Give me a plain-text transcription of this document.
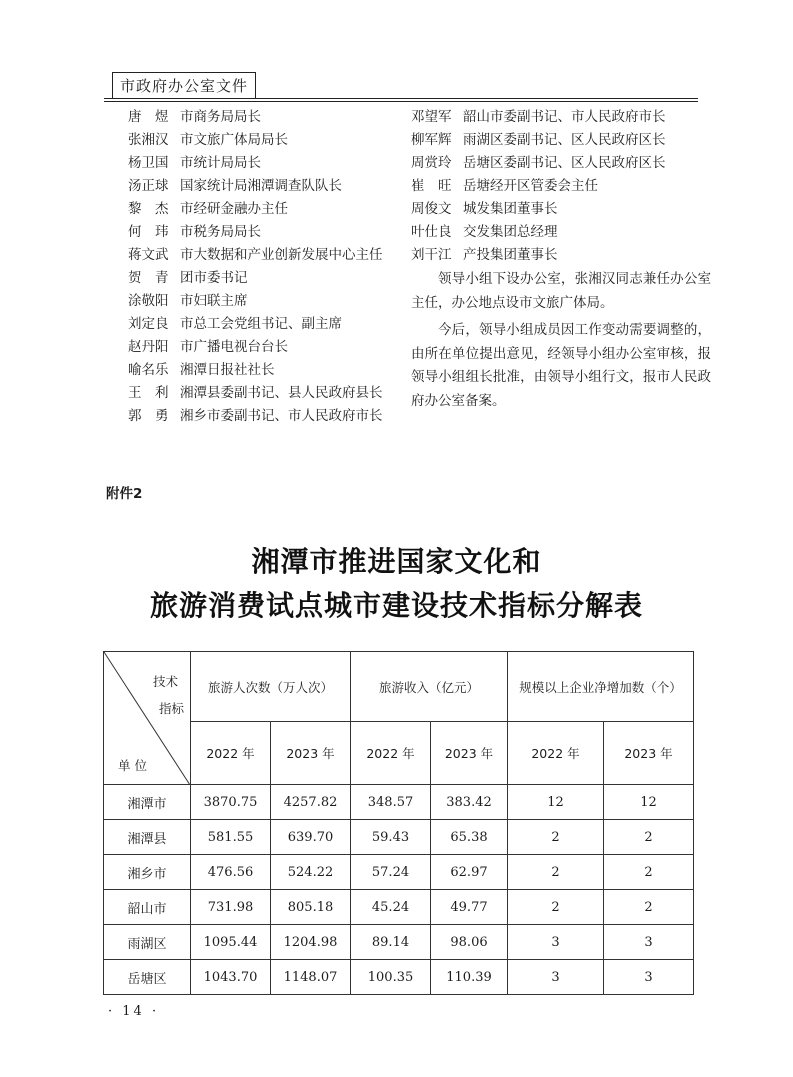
市政府办公室文件
唐　煜 市商务局局长
张湘汉 市文旅广体局局长
杨卫国 市统计局局长
汤正球 国家统计局湘潭调查队队长
黎　杰 市经研金融办主任
何　玮 市税务局局长
蒋文武 市大数据和产业创新发展中心主任
贺　青 团市委书记
涂敬阳 市妇联主席
刘定良 市总工会党组书记、副主席
赵丹阳 市广播电视台台长
喻名乐 湘潭日报社社长
王　利 湘潭县委副书记、县人民政府县长
郭　勇 湘乡市委副书记、市人民政府市长
邓望军 韶山市委副书记、市人民政府市长
柳军辉 雨湖区委副书记、区人民政府区长
周赏玲 岳塘区委副书记、区人民政府区长
崔　旺 岳塘经开区管委会主任
周俊文 城发集团董事长
叶仕良 交发集团总经理
刘干江 产投集团董事长

领导小组下设办公室，张湘汉同志兼任办公室主任，办公地点设市文旅广体局。

今后，领导小组成员因工作变动需要调整的，由所在单位提出意见，经领导小组办公室审核，报领导小组组长批准，由领导小组行文，报市人民政府办公室备案。

附件2
湘潭市推进国家文化和
旅游消费试点城市建设技术指标分解表
技术
指标
单 位	旅游人次数（万人次）		旅游收入（亿元）		规模以上企业净增加数（个）	
	2022 年	2023 年	2022 年	2023 年	2022 年	2023 年
湘潭市	3870.75	4257.82	348.57	383.42	12	12
湘潭县	581.55	639.70	59.43	65.38	2	2
湘乡市	476.56	524.22	57.24	62.97	2	2
韶山市	731.98	805.18	45.24	49.77	2	2
雨湖区	1095.44	1204.98	89.14	98.06	3	3
岳塘区	1043.70	1148.07	100.35	110.39	3	3
· 14 ·
